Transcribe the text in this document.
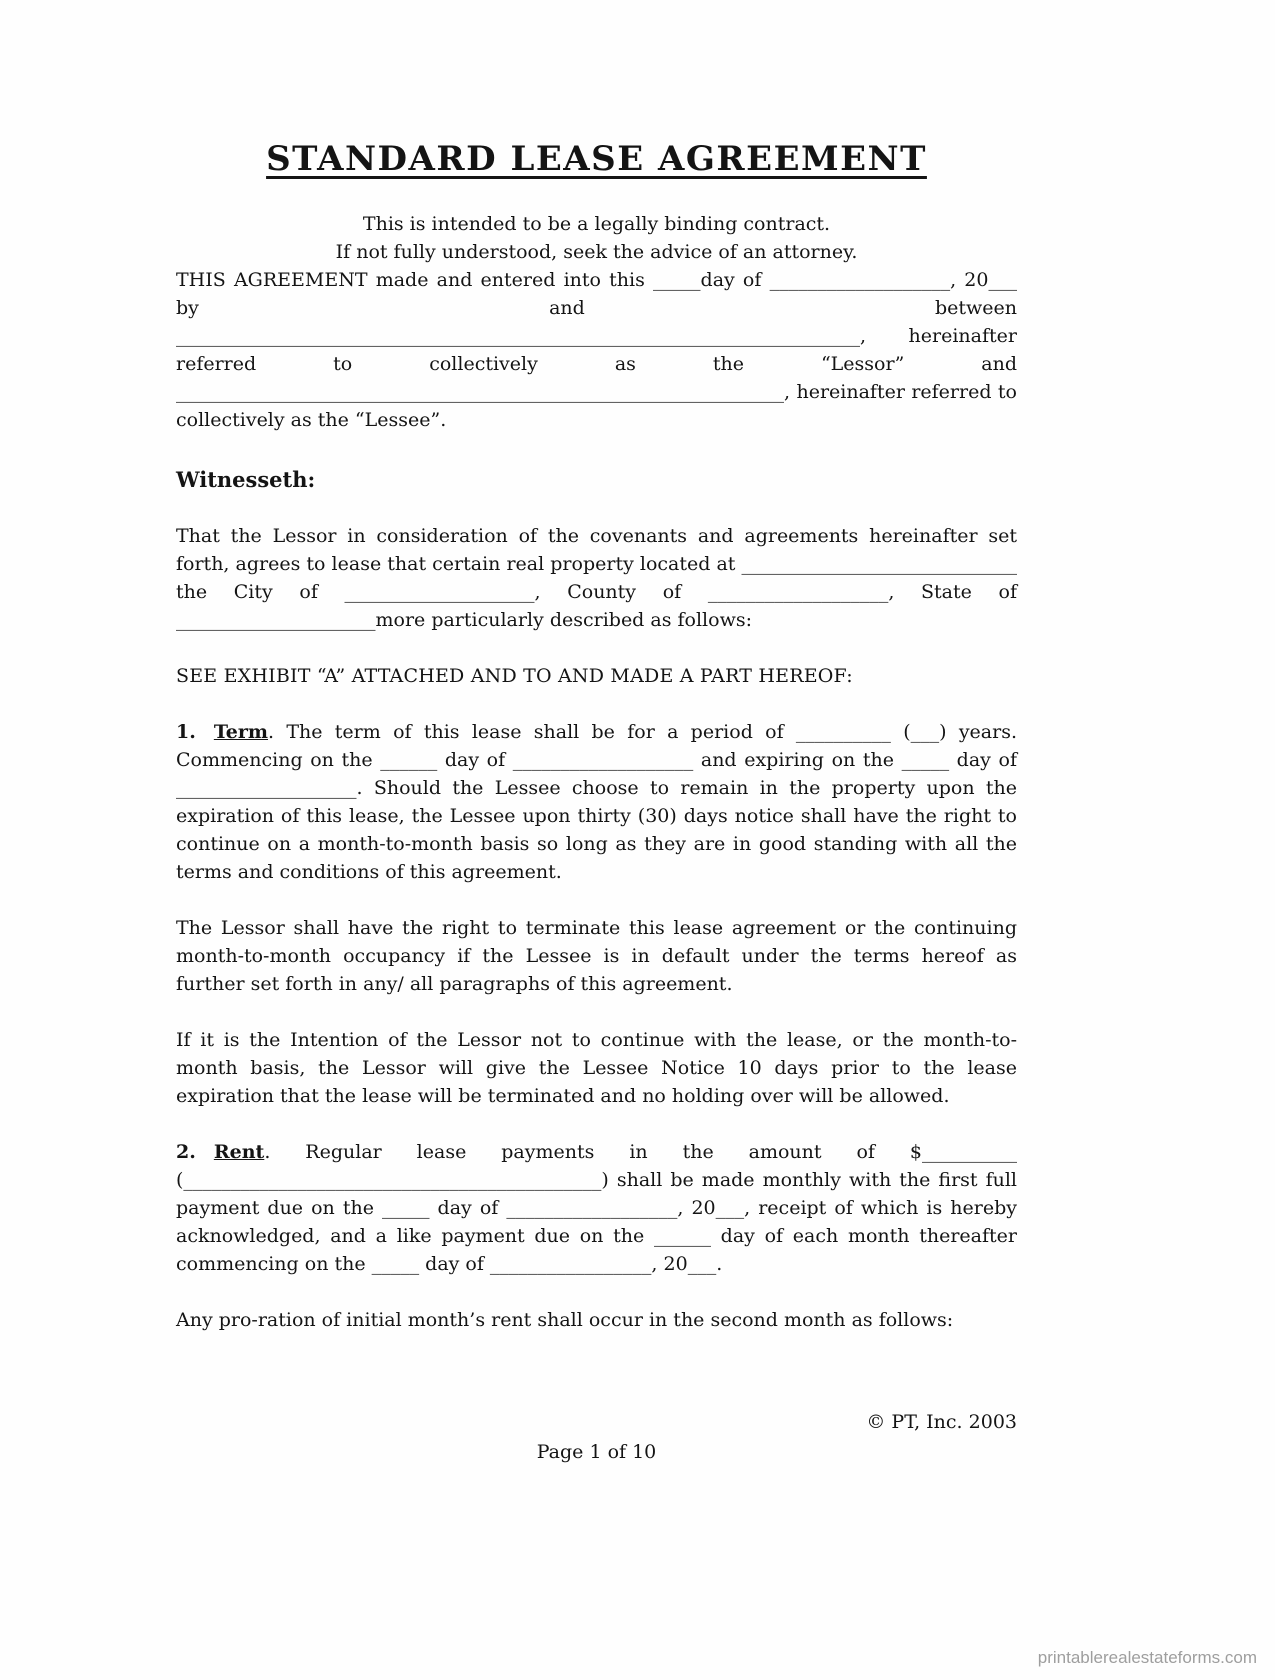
STANDARD LEASE AGREEMENT

This is intended to be a legally binding contract.

If not fully understood, seek the advice of an attorney.

THIS AGREEMENT made and entered into this _____day of ___________________, 20___ by and between ________________________________________________________________________, hereinafter referred to collectively as the “Lessor” and ________________________________________________________________, hereinafter referred to collectively as the “Lessee”.

Witnesseth:

That the Lessor in consideration of the covenants and agreements hereinafter set forth, agrees to lease that certain real property located at _____________________________ the City of ____________________, County of ___________________, State of _____________________more particularly described as follows:

SEE EXHIBIT “A” ATTACHED AND TO AND MADE A PART HEREOF:

1. Term. The term of this lease shall be for a period of __________ (___) years. Commencing on the ______ day of ___________________ and expiring on the _____ day of ___________________. Should the Lessee choose to remain in the property upon the expiration of this lease, the Lessee upon thirty (30) days notice shall have the right to continue on a month-to-month basis so long as they are in good standing with all the terms and conditions of this agreement.

The Lessor shall have the right to terminate this lease agreement or the continuing month-to-month occupancy if the Lessee is in default under the terms hereof as further set forth in any/ all paragraphs of this agreement.

If it is the Intention of the Lessor not to continue with the lease, or the month-to-month basis, the Lessor will give the Lessee Notice 10 days prior to the lease expiration that the lease will be terminated and no holding over will be allowed.

2. Rent. Regular lease payments in the amount of $__________ (____________________________________________) shall be made monthly with the first full payment due on the _____ day of __________________, 20___, receipt of which is hereby acknowledged, and a like payment due on the ______ day of each month thereafter commencing on the _____ day of _________________, 20___.

Any pro-ration of initial month’s rent shall occur in the second month as follows:

© PT, Inc. 2003
Page 1 of 10
printablerealestateforms.com
